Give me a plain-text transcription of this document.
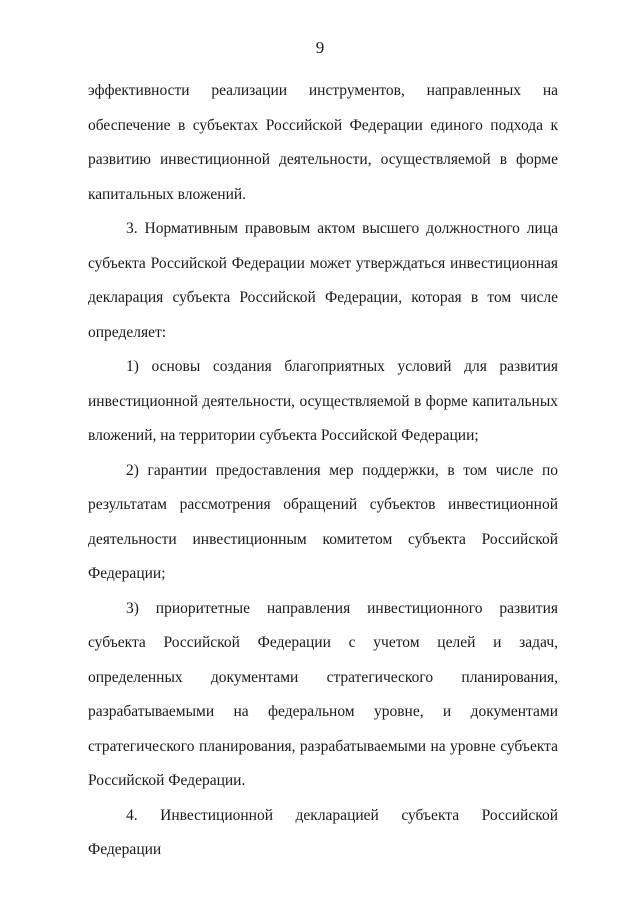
9

эффективности реализации инструментов, направленных на обеспечение в субъектах Российской Федерации единого подхода к развитию инвестиционной деятельности, осуществляемой в форме капитальных вложений.

3. Нормативным правовым актом высшего должностного лица субъекта Российской Федерации может утверждаться инвестиционная декларация субъекта Российской Федерации, которая в том числе определяет:

1) основы создания благоприятных условий для развития инвестиционной деятельности, осуществляемой в форме капитальных вложений, на территории субъекта Российской Федерации;

2) гарантии предоставления мер поддержки, в том числе по результатам рассмотрения обращений субъектов инвестиционной деятельности инвестиционным комитетом субъекта Российской Федерации;

3) приоритетные направления инвестиционного развития субъекта Российской Федерации с учетом целей и задач, определенных документами стратегического планирования, разрабатываемыми на федеральном уровне, и документами стратегического планирования, разрабатываемыми на уровне субъекта Российской Федерации.

4. Инвестиционной декларацией субъекта Российской Федерации
